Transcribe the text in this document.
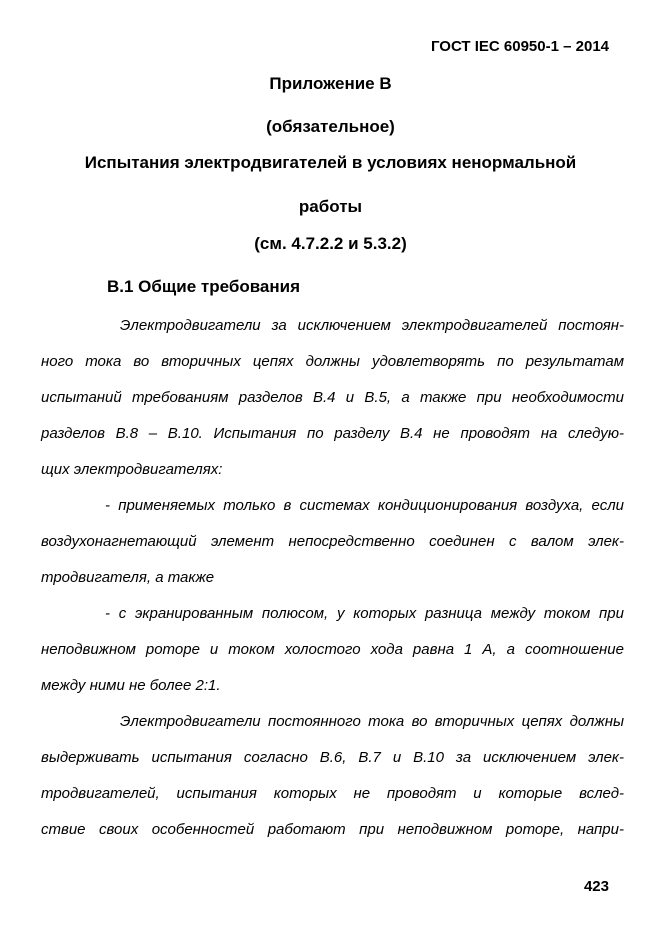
ГОСТ IEC 60950-1 – 2014
Приложение В
(обязательное)
Испытания электродвигателей в условиях ненормальной
работы
(см. 4.7.2.2 и 5.3.2)
В.1 Общие требования
Электродвигатели за исключением электродвигателей постоян-
ного тока во вторичных цепях должны удовлетворять по результатам
испытаний требованиям разделов В.4 и В.5, а также при необходимости
разделов В.8 – В.10. Испытания по разделу В.4 не проводят на следую-
щих электродвигателях:
- применяемых только в системах кондиционирования воздуха, если
воздухонагнетающий элемент непосредственно соединен с валом элек-
тродвигателя, а также
- с экранированным полюсом, у которых разница между током при
неподвижном роторе и током холостого хода равна 1 А, а соотношение
между ними не более 2:1.
Электродвигатели постоянного тока во вторичных цепях должны
выдерживать испытания согласно В.6, В.7 и В.10 за исключением элек-
тродвигателей, испытания которых не проводят и которые вслед-
ствие своих особенностей работают при неподвижном роторе, напри-
423
